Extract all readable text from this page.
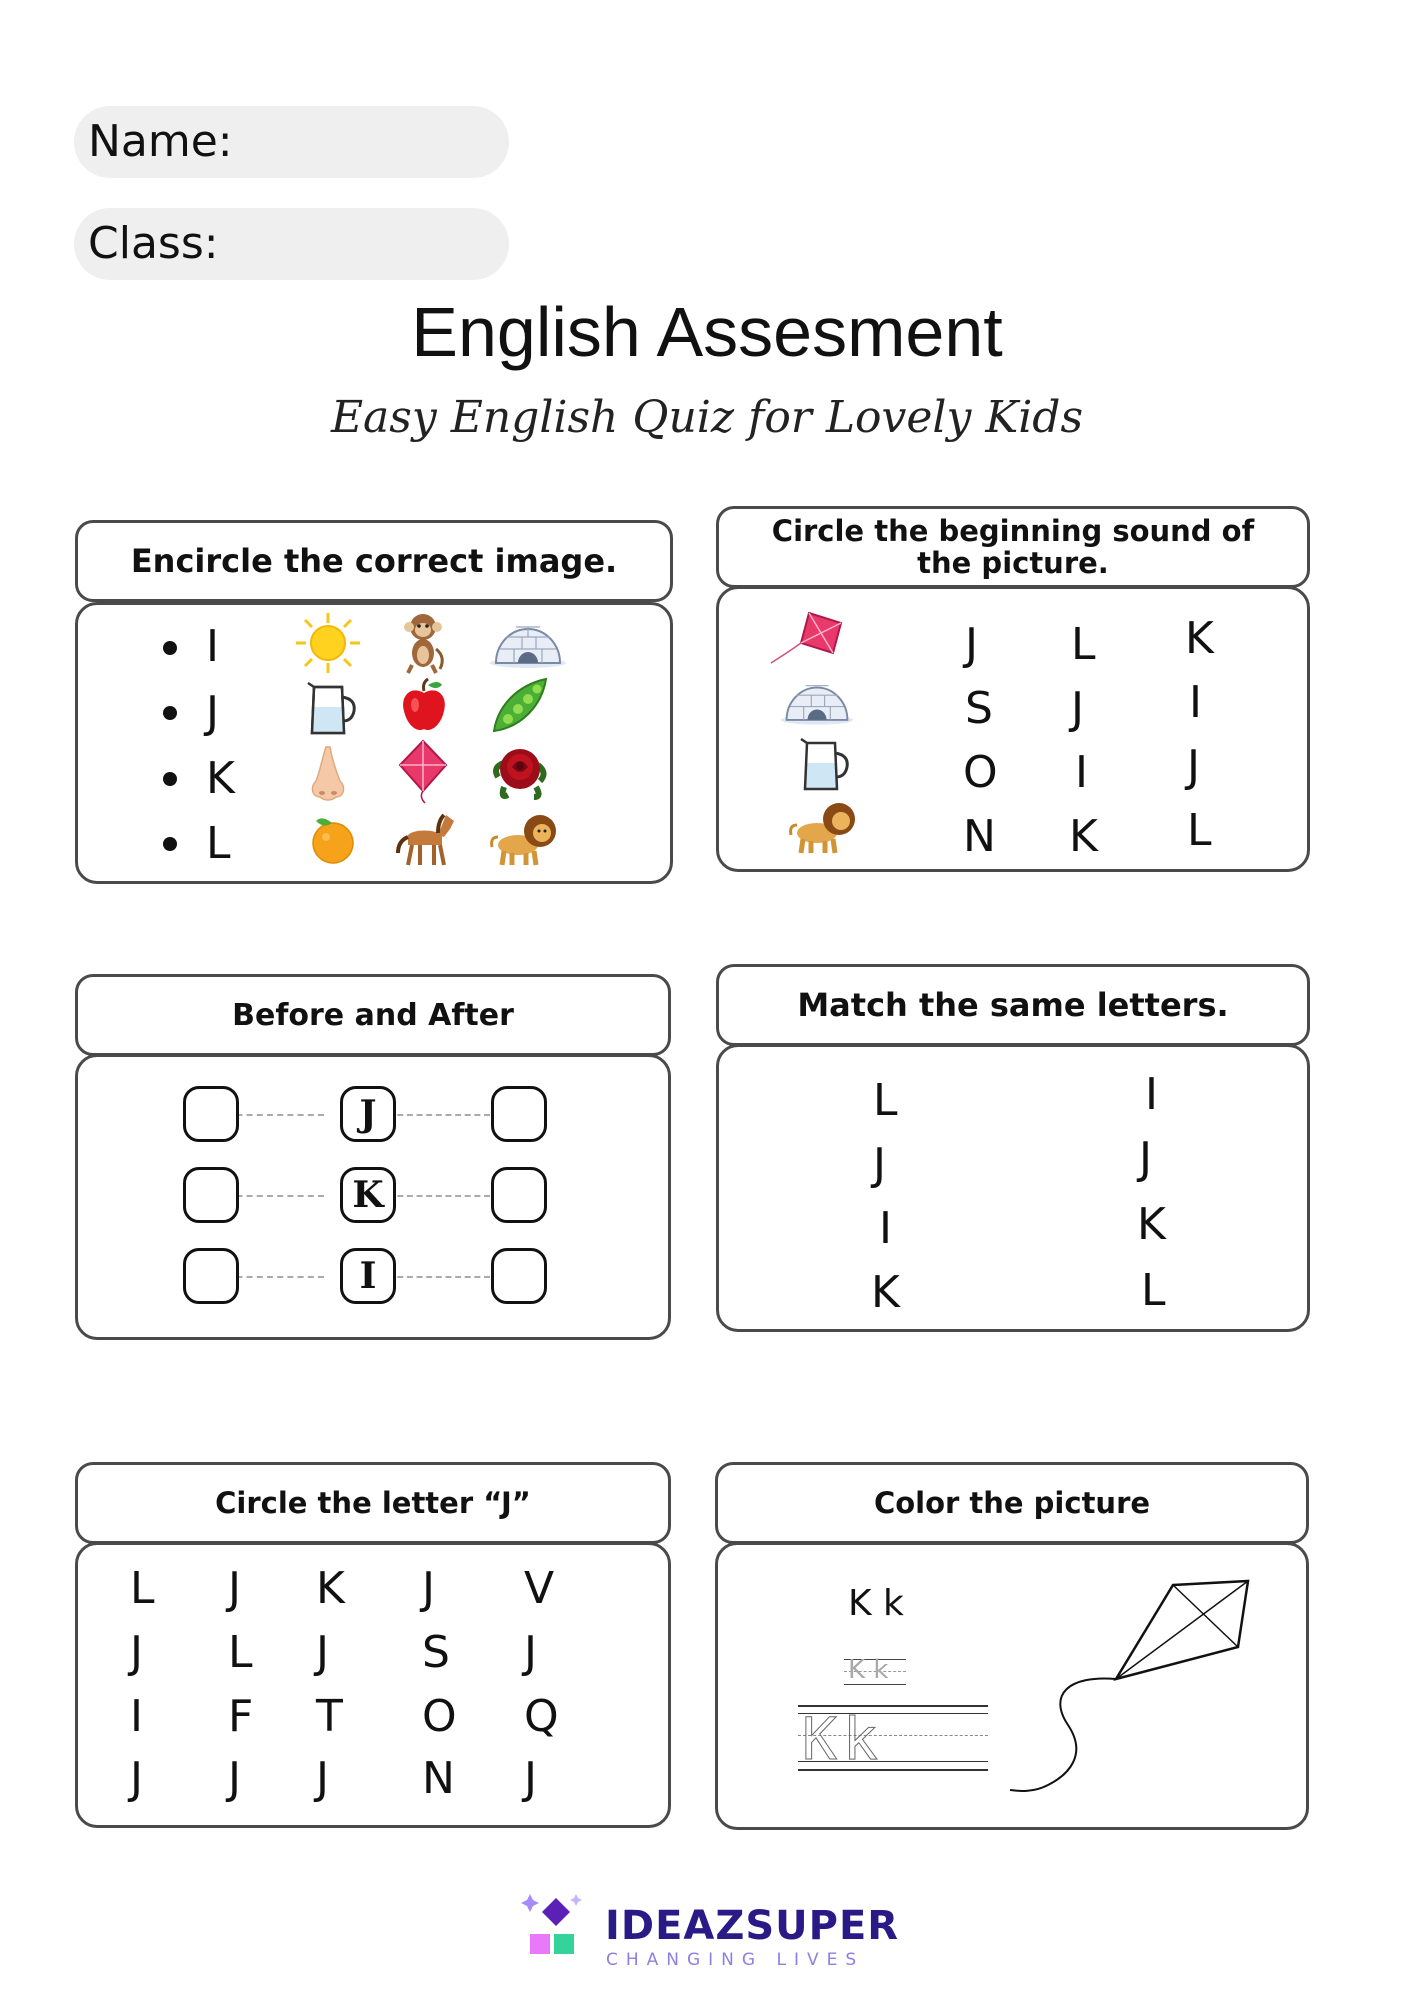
Name:
Class:
English Assesment
Easy English Quiz for Lovely Kids
Encircle the correct image.
I
J
K
L
Circle the beginning sound of the picture.
J L K
S J I
O I J
N K L
Before and After
J
K
I
Match the same letters.
L
J
I
K
I
J
K
L
Circle the letter “J”
L J K J V
J L J S J
I F T O Q
J J J N J
Color the picture
K k
K k
Kk
IDEAZSUPER
CHANGING LIVES
